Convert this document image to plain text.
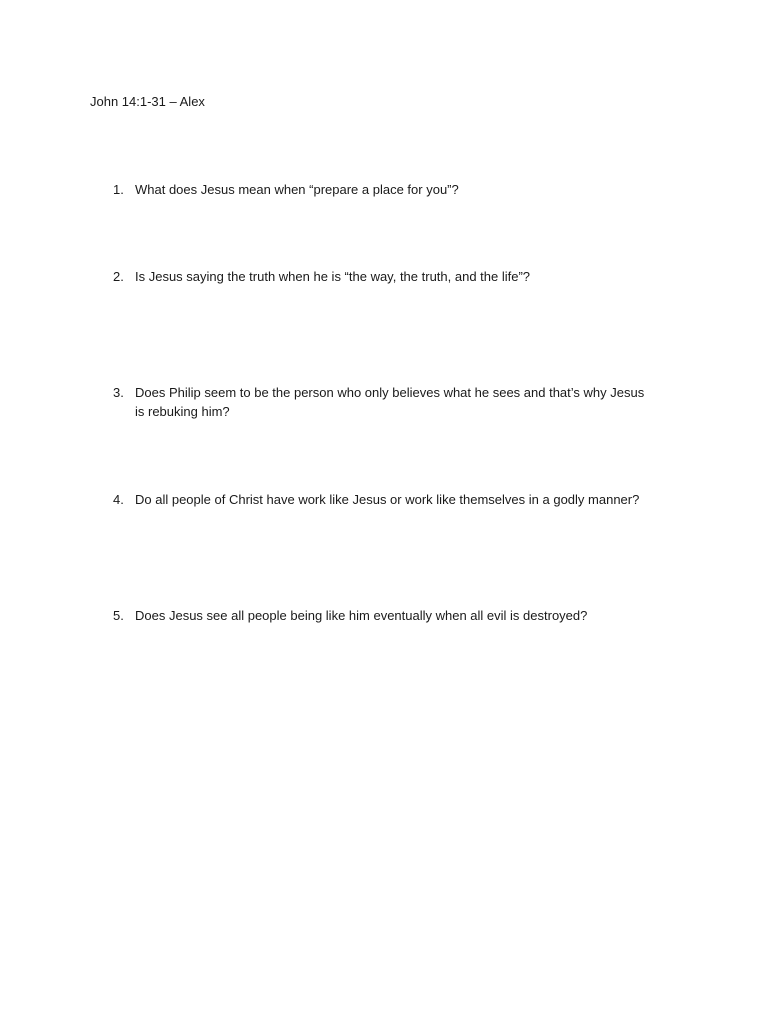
John 14:1-31 – Alex
1. What does Jesus mean when “prepare a place for you”?
2. Is Jesus saying the truth when he is “the way, the truth, and the life”?
3. Does Philip seem to be the person who only believes what he sees and that’s why Jesus is rebuking him?
4. Do all people of Christ have work like Jesus or work like themselves in a godly manner?
5. Does Jesus see all people being like him eventually when all evil is destroyed?
